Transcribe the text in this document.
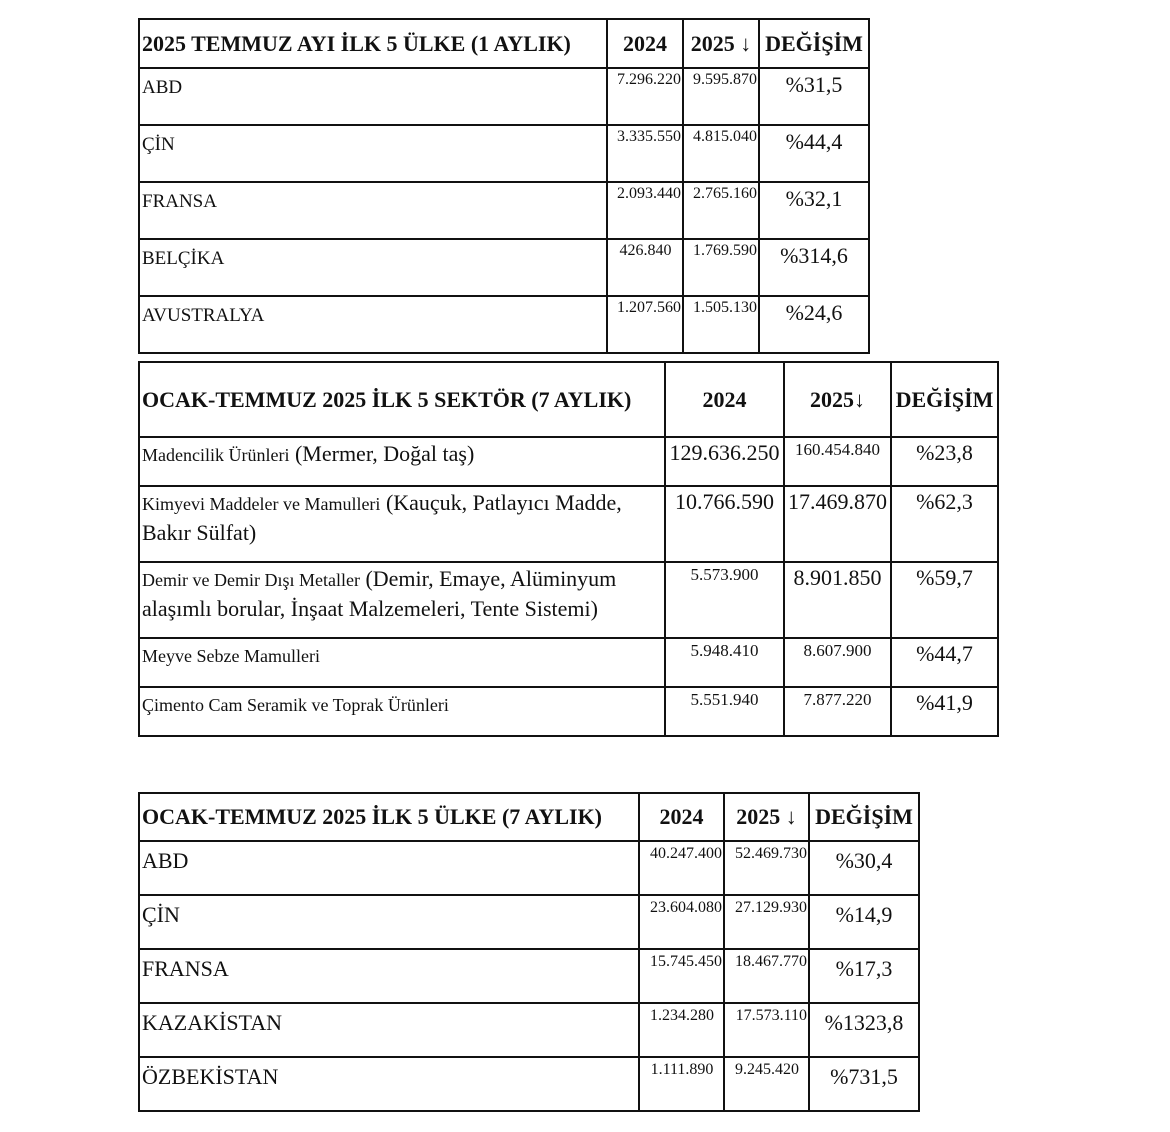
2025 TEMMUZ AYI İLK 5 ÜLKE (1 AYLIK)	2024	2025 ↓	DEĞİŞİM
ABD	7.296.220	9.595.870	%31,5
ÇİN	3.335.550	4.815.040	%44,4
FRANSA	2.093.440	2.765.160	%32,1
BELÇİKA	426.840	1.769.590	%314,6
AVUSTRALYA	1.207.560	1.505.130	%24,6
OCAK-TEMMUZ 2025 İLK 5 SEKTÖR (7 AYLIK)	2024	2025↓	DEĞİŞİM
Madencilik Ürünleri (Mermer, Doğal taş)	129.636.250	160.454.840	%23,8
Kimyevi Maddeler ve Mamulleri (Kauçuk, Patlayıcı Madde, Bakır Sülfat)	10.766.590	17.469.870	%62,3
Demir ve Demir Dışı Metaller (Demir, Emaye, Alüminyum alaşımlı borular, İnşaat Malzemeleri, Tente Sistemi)	5.573.900	8.901.850	%59,7
Meyve Sebze Mamulleri	5.948.410	8.607.900	%44,7
Çimento Cam Seramik ve Toprak Ürünleri	5.551.940	7.877.220	%41,9
OCAK-TEMMUZ 2025 İLK 5 ÜLKE (7 AYLIK)	2024	2025 ↓	DEĞİŞİM
ABD	40.247.400	52.469.730	%30,4
ÇİN	23.604.080	27.129.930	%14,9
FRANSA	15.745.450	18.467.770	%17,3
KAZAKİSTAN	1.234.280	17.573.110	%1323,8
ÖZBEKİSTAN	1.111.890	9.245.420	%731,5
